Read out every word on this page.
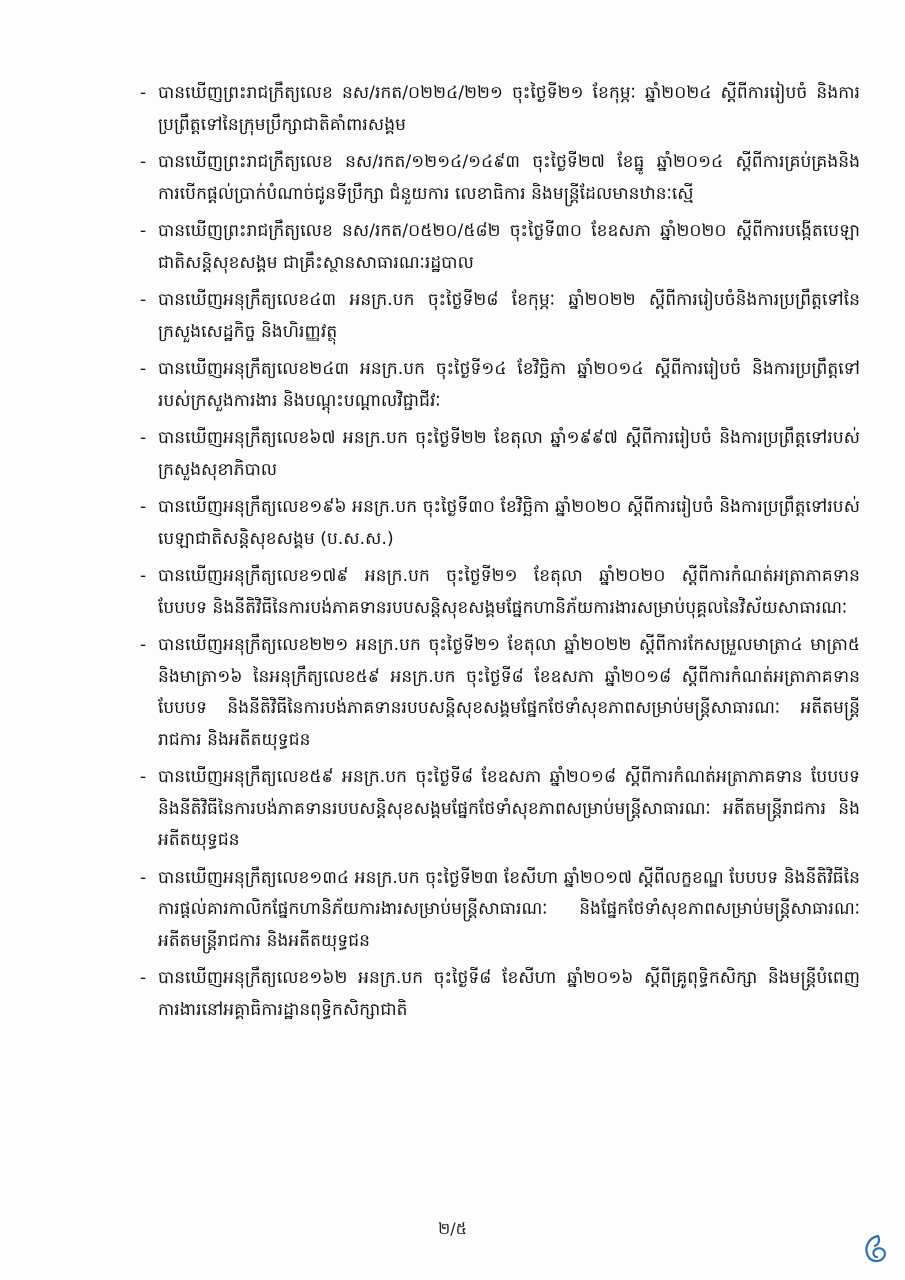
- បានឃើញព្រះរាជក្រឹត្យលេខ នស/រកត/០២២៤/២២១ ចុះថ្ងៃទី២១ ខែកុម្ភៈ ឆ្នាំ២០២៤ ស្ដីពីការរៀបចំ និងការប្រព្រឹត្តទៅនៃក្រុមប្រឹក្សាជាតិគាំពារសង្គម
- បានឃើញព្រះរាជក្រឹត្យលេខ នស/រកត/១២១៤/១៤៩៣ ចុះថ្ងៃទី២៧ ខែធ្នូ ឆ្នាំ២០១៤ ស្ដីពីការគ្រប់គ្រងនិងការបើកផ្តល់ប្រាក់បំណាច់ជូនទីប្រឹក្សា ជំនួយការ លេខាធិការ និងមន្ត្រីដែលមានឋានៈស្មើ
- បានឃើញព្រះរាជក្រឹត្យលេខ នស/រកត/០៥២០/៥៨២ ចុះថ្ងៃទី៣០ ខែឧសភា ឆ្នាំ២០២០ ស្ដីពីការបង្កើតបេឡាជាតិសន្តិសុខសង្គម ជាគ្រឹះស្ថានសាធារណៈរដ្ឋបាល
- បានឃើញអនុក្រឹត្យលេខ៤៣ អនក្រ.បក ចុះថ្ងៃទី២៨ ខែកុម្ភៈ ឆ្នាំ២០២២ ស្ដីពីការរៀបចំនិងការប្រព្រឹត្តទៅនៃក្រសួងសេដ្ឋកិច្ច និងហិរញ្ញវត្ថុ
- បានឃើញអនុក្រឹត្យលេខ២៤៣ អនក្រ.បក ចុះថ្ងៃទី១៤ ខែវិច្ឆិកា ឆ្នាំ២០១៤ ស្ដីពីការរៀបចំ និងការប្រព្រឹត្តទៅរបស់ក្រសួងការងារ និងបណ្តុះបណ្តាលវិជ្ជាជីវៈ
- បានឃើញអនុក្រឹត្យលេខ៦៧ អនក្រ.បក ចុះថ្ងៃទី២២ ខែតុលា ឆ្នាំ១៩៩៧ ស្ដីពីការរៀបចំ និងការប្រព្រឹត្តទៅរបស់ក្រសួងសុខាភិបាល
- បានឃើញអនុក្រឹត្យលេខ១៩៦ អនក្រ.បក ចុះថ្ងៃទី៣០ ខែវិច្ឆិកា ឆ្នាំ២០២០ ស្ដីពីការរៀបចំ និងការប្រព្រឹត្តទៅរបស់បេឡាជាតិសន្តិសុខសង្គម (ប.ស.ស.)
- បានឃើញអនុក្រឹត្យលេខ១៧៩ អនក្រ.បក ចុះថ្ងៃទី២១ ខែតុលា ឆ្នាំ២០២០ ស្ដីពីការកំណត់អត្រាភាគទាន បែបបទ និងនីតិវិធីនៃការបង់ភាគទានរបបសន្តិសុខសង្គមផ្នែកហានិភ័យការងារសម្រាប់បុគ្គលនៃវិស័យសាធារណៈ
- បានឃើញអនុក្រឹត្យលេខ២២១ អនក្រ.បក ចុះថ្ងៃទី២១ ខែតុលា ឆ្នាំ២០២២ ស្ដីពីការកែសម្រួលមាត្រា៤ មាត្រា៥ និងមាត្រា១៦ នៃអនុក្រឹត្យលេខ៥៩ អនក្រ.បក ចុះថ្ងៃទី៨ ខែឧសភា ឆ្នាំ២០១៨ ស្ដីពីការកំណត់អត្រាភាគទាន បែបបទ និងនីតិវិធីនៃការបង់ភាគទានរបបសន្តិសុខសង្គមផ្នែកថែទាំសុខភាពសម្រាប់មន្ត្រីសាធារណៈ អតីតមន្ត្រីរាជការ និងអតីតយុទ្ធជន
- បានឃើញអនុក្រឹត្យលេខ៥៩ អនក្រ.បក ចុះថ្ងៃទី៨ ខែឧសភា ឆ្នាំ២០១៨ ស្ដីពីការកំណត់អត្រាភាគទាន បែបបទ និងនីតិវិធីនៃការបង់ភាគទានរបបសន្តិសុខសង្គមផ្នែកថែទាំសុខភាពសម្រាប់មន្ត្រីសាធារណៈ អតីតមន្ត្រីរាជការ និងអតីតយុទ្ធជន
- បានឃើញអនុក្រឹត្យលេខ១៣៤ អនក្រ.បក ចុះថ្ងៃទី២៣ ខែសីហា ឆ្នាំ២០១៧ ស្ដីពីលក្ខខណ្ឌ បែបបទ និងនីតិវិធីនៃការផ្តល់គារកាលិកផ្នែកហានិភ័យការងារសម្រាប់មន្ត្រីសាធារណៈ និងផ្នែកថែទាំសុខភាពសម្រាប់មន្ត្រីសាធារណៈ អតីតមន្ត្រីរាជការ និងអតីតយុទ្ធជន
- បានឃើញអនុក្រឹត្យលេខ១៦២ អនក្រ.បក ចុះថ្ងៃទី៨ ខែសីហា ឆ្នាំ២០១៦ ស្ដីពីគ្រូពុទ្ធិកសិក្សា និងមន្ត្រីបំពេញការងារនៅអគ្គាធិការដ្ឋានពុទ្ធិកសិក្សាជាតិ
២/៥
